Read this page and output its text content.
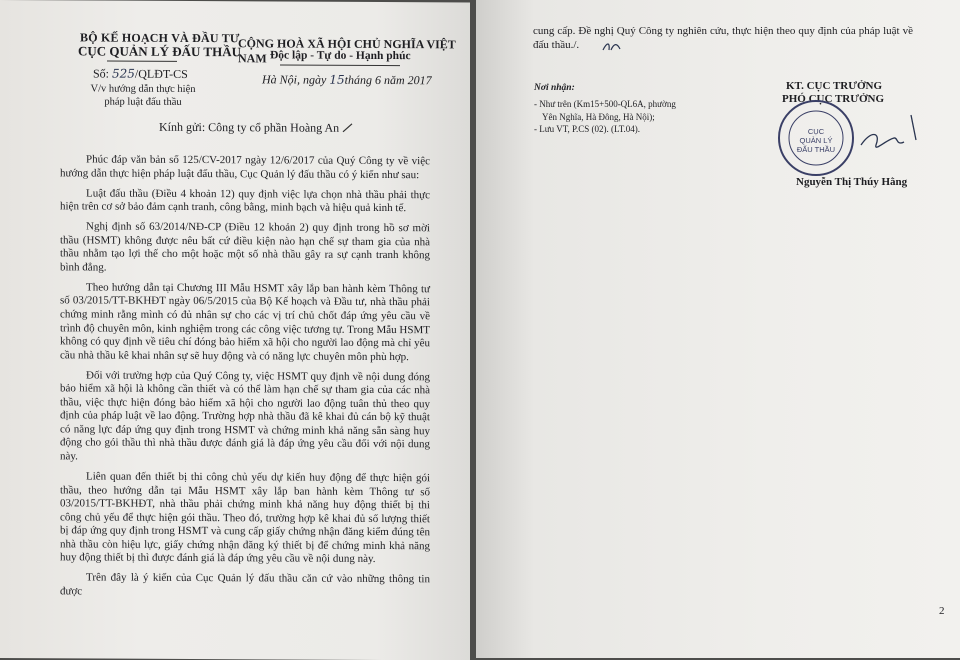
BỘ KẾ HOẠCH VÀ ĐẦU TƯ
CỤC QUẢN LÝ ĐẤU THẦU
Số: 525/QLĐT-CS
V/v hướng dẫn thực hiện
pháp luật đấu thầu
CỘNG HOÀ XÃ HỘI CHỦ NGHĨA VIỆT NAM Độc lập - Tự do - Hạnh phúc
Hà Nội, ngày 15tháng 6 năm 2017
Kính gửi: Công ty cổ phần Hoàng An

Phúc đáp văn bản số 125/CV-2017 ngày 12/6/2017 của Quý Công ty về việc hướng dẫn thực hiện pháp luật đấu thầu, Cục Quản lý đấu thầu có ý kiến như sau:

Luật đấu thầu (Điều 4 khoản 12) quy định việc lựa chọn nhà thầu phải thực hiện trên cơ sở bảo đảm cạnh tranh, công bằng, minh bạch và hiệu quả kinh tế.

Nghị định số 63/2014/NĐ-CP (Điều 12 khoản 2) quy định trong hồ sơ mời thầu (HSMT) không được nêu bất cứ điều kiện nào hạn chế sự tham gia của nhà thầu nhằm tạo lợi thế cho một hoặc một số nhà thầu gây ra sự cạnh tranh không bình đẳng.

Theo hướng dẫn tại Chương III Mẫu HSMT xây lắp ban hành kèm Thông tư số 03/2015/TT-BKHĐT ngày 06/5/2015 của Bộ Kế hoạch và Đầu tư, nhà thầu phải chứng minh rằng mình có đủ nhân sự cho các vị trí chủ chốt đáp ứng yêu cầu về trình độ chuyên môn, kinh nghiệm trong các công việc tương tự. Trong Mẫu HSMT không có quy định về tiêu chí đóng bảo hiểm xã hội cho người lao động mà chỉ yêu cầu nhà thầu kê khai nhân sự sẽ huy động và có năng lực chuyên môn phù hợp.

Đối với trường hợp của Quý Công ty, việc HSMT quy định về nội dung đóng bảo hiểm xã hội là không cần thiết và có thể làm hạn chế sự tham gia của các nhà thầu, việc thực hiện đóng bảo hiểm xã hội cho người lao động tuân thủ theo quy định của pháp luật về lao động. Trường hợp nhà thầu đã kê khai đủ cán bộ kỹ thuật có năng lực đáp ứng quy định trong HSMT và chứng minh khả năng sẵn sàng huy động cho gói thầu thì nhà thầu được đánh giá là đáp ứng yêu cầu đối với nội dung này.

Liên quan đến thiết bị thi công chủ yếu dự kiến huy động để thực hiện gói thầu, theo hướng dẫn tại Mẫu HSMT xây lắp ban hành kèm Thông tư số 03/2015/TT-BKHĐT, nhà thầu phải chứng minh khả năng huy động thiết bị thi công chủ yếu để thực hiện gói thầu. Theo đó, trường hợp kê khai đủ số lượng thiết bị đáp ứng quy định trong HSMT và cung cấp giấy chứng nhận đăng kiểm đúng tên nhà thầu còn hiệu lực, giấy chứng nhận đăng ký thiết bị để chứng minh khả năng huy động thiết bị thì được đánh giá là đáp ứng yêu cầu về nội dung này.

Trên đây là ý kiến của Cục Quản lý đấu thầu căn cứ vào những thông tin được

cung cấp. Đề nghị Quý Công ty nghiên cứu, thực hiện theo quy định của pháp luật về đấu thầu./.
Nơi nhận:
- Như trên (Km15+500-QL6A, phường
Yên Nghĩa, Hà Đông, Hà Nội);
- Lưu VT, P.CS (02). (LT.04).
KT. CỤC TRƯỞNG
PHÓ CỤC TRƯỞNG
CỤC
QUẢN LÝ
ĐẤU THẦU
Nguyễn Thị Thúy Hằng
2
